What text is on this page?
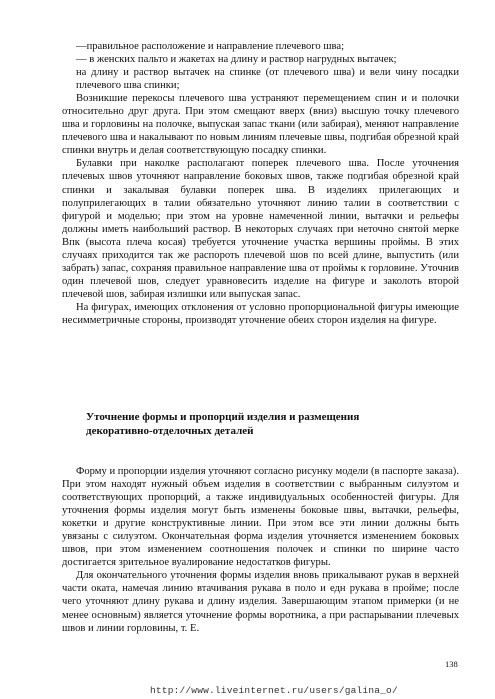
—правильное расположение и направление плечевого шва;

— в женских пальто и жакетах на длину и раствор нагрудных вытачек;

на длину и раствор вытачек на спинке (от плечевого шва) и вели чину посадки плечевого шва спинки;

Возникшие перекосы плечевого шва устраняют перемещением спин и и полочки относительно друг друга. При этом смещают вверх (вниз) высшую точку плечевого шва и горловины на полочке, выпуская запас ткани (или забирая), меняют направление плечевого шва и накалывают по новым линиям плечевые швы, подгибая обрезной край спинки внутрь и делая соответствующую посадку спинки.

Булавки при наколке располагают поперек плечевого шва. После уточнения плечевых швов уточняют направление боковых швов, также подгибая обрезной край спинки и закалывая булавки поперек шва. В изделиях прилегающих и полуприлегающих в талии обязательно уточняют линию талии в соответствии с фигурой и моделью; при этом на уровне намеченной линии, вытачки и рельефы должны иметь наибольший раствор. В некоторых случаях при неточно снятой мерке Впк (высота плеча косая) требуется уточнение участка вершины проймы. В этих случаях приходится так же распороть плечевой шов по всей длине, выпустить (или забрать) запас, сохраняя правильное направление шва от проймы к горловине. Уточнив один плечевой шов, следует уравновесить изделие на фигуре и заколоть второй плечевой шов, забирая излишки или выпуская запас.

На фигурах, имеющих отклонения от условно пропорциональной фигуры имеющие несимметричные стороны, производят уточнение обеих сторон изделия на фигуре.

Уточнение формы и пропорций изделия и размещения
декоративно-отделочных деталей

Форму и пропорции изделия уточняют согласно рисунку модели (в паспорте заказа). При этом находят нужный объем изделия в соответствии с выбранным силуэтом и соответствующих пропорций, а также индивидуальных особенностей фигуры. Для уточнения формы изделия могут быть изменены боковые швы, вытачки, рельефы, кокетки и другие конструктивные линии. При этом все эти линии должны быть увязаны с силуэтом. Окончательная форма изделия уточняется изменением боковых швов, при этом изменением соотношения полочек и спинки по ширине часто достигается зрительное вуалирование недостатков фигуры.

Для окончательного уточнения формы изделия вновь прикалывают рукав в верхней части оката, намечая линию втачивания рукава в поло и едн рукава в пройме; после чего уточняют длину рукава и длину изделия. Завершающим этапом примерки (и не менее основным) является уточнение формы воротника, а при распарывании плечевых швов и линии горловины, т. Е.

138
http://www.liveinternet.ru/users/galina_o/
